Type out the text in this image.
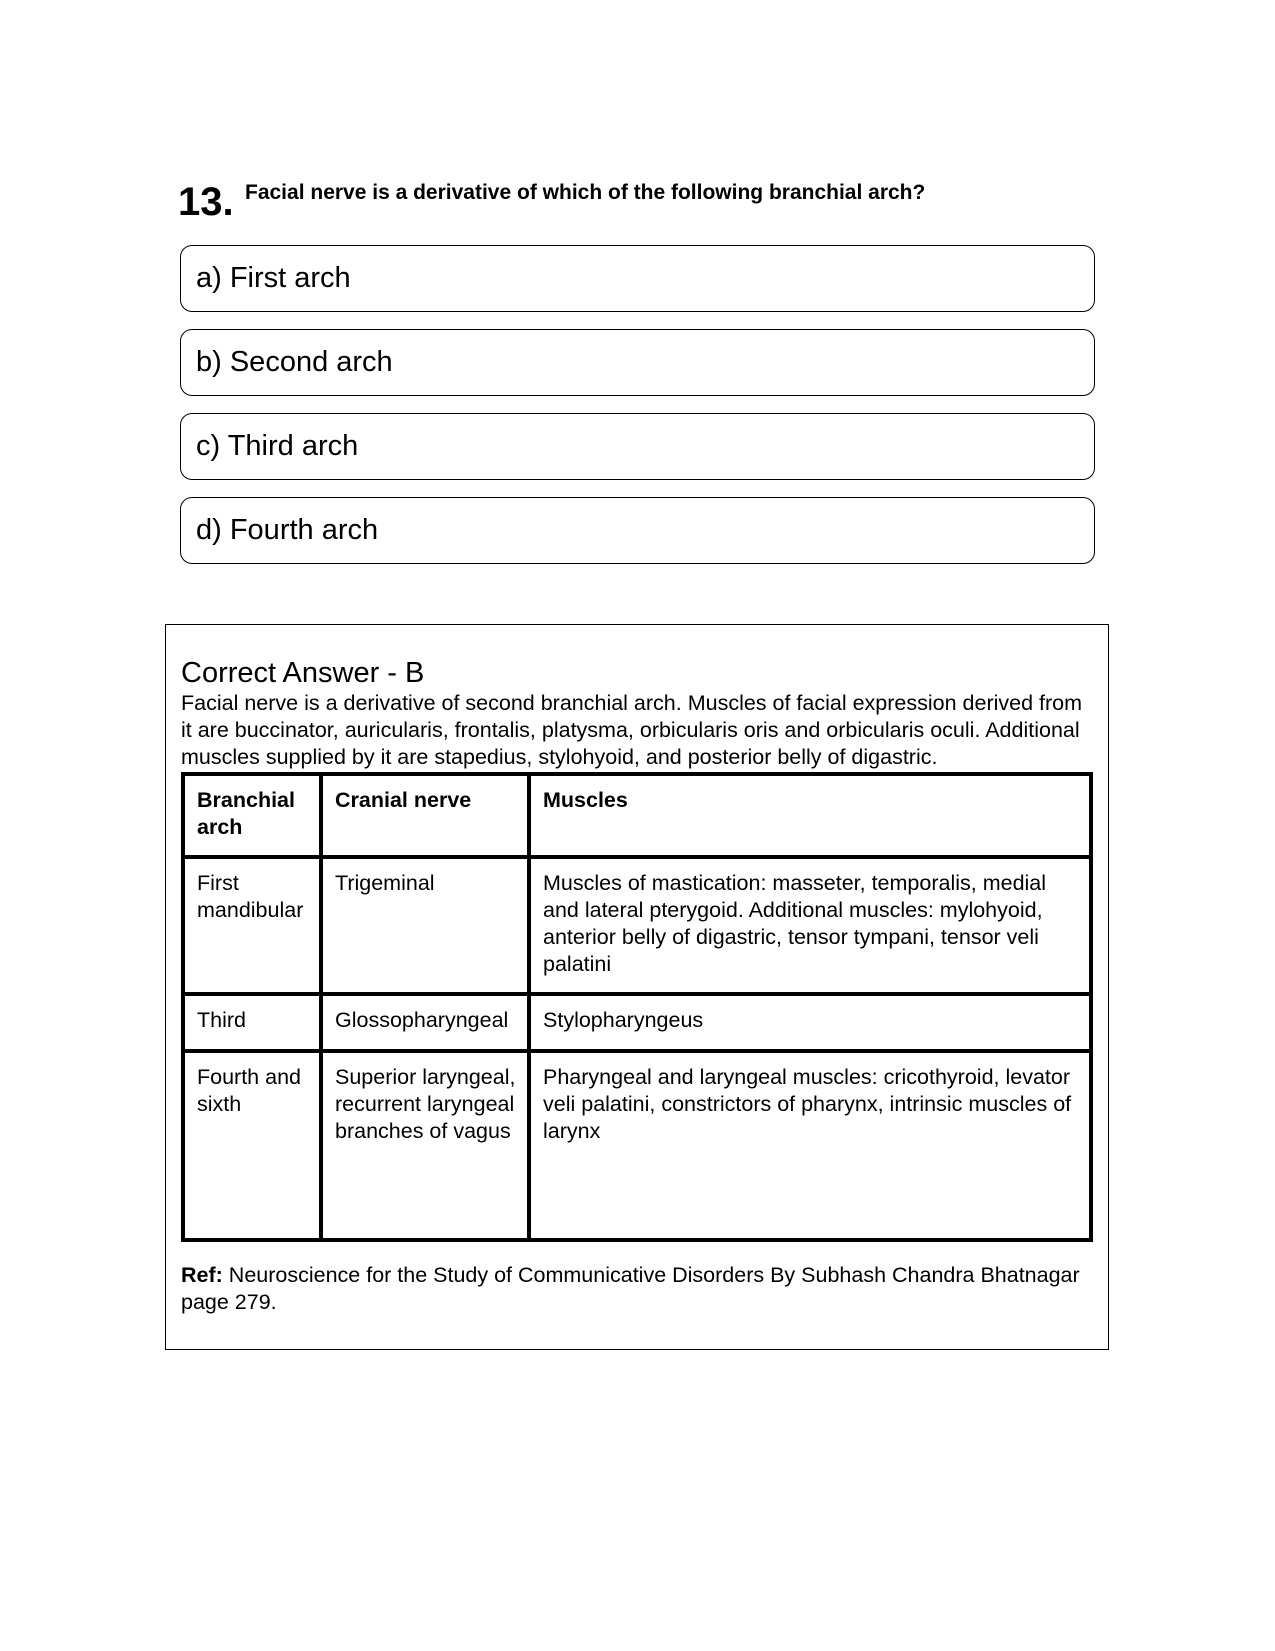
13. Facial nerve is a derivative of which of the following branchial arch?
a) First arch
b) Second arch
c) Third arch
d) Fourth arch
Correct Answer - B
Facial nerve is a derivative of second branchial arch. Muscles of facial expression derived from it are buccinator, auricularis, frontalis, platysma, orbicularis oris and orbicularis oculi. Additional muscles supplied by it are stapedius, stylohyoid, and posterior belly of digastric.
Branchial arch	Cranial nerve	Muscles
First mandibular	Trigeminal	Muscles of mastication: masseter, temporalis, medial and lateral pterygoid. Additional muscles: mylohyoid, anterior belly of digastric, tensor tympani, tensor veli palatini
Third	Glossopharyngeal	Stylopharyngeus
Fourth and sixth	Superior laryngeal, recurrent laryngeal branches of vagus	Pharyngeal and laryngeal muscles: cricothyroid, levator veli palatini, constrictors of pharynx, intrinsic muscles of larynx
Ref: Neuroscience for the Study of Communicative Disorders By Subhash Chandra Bhatnagar page 279.
